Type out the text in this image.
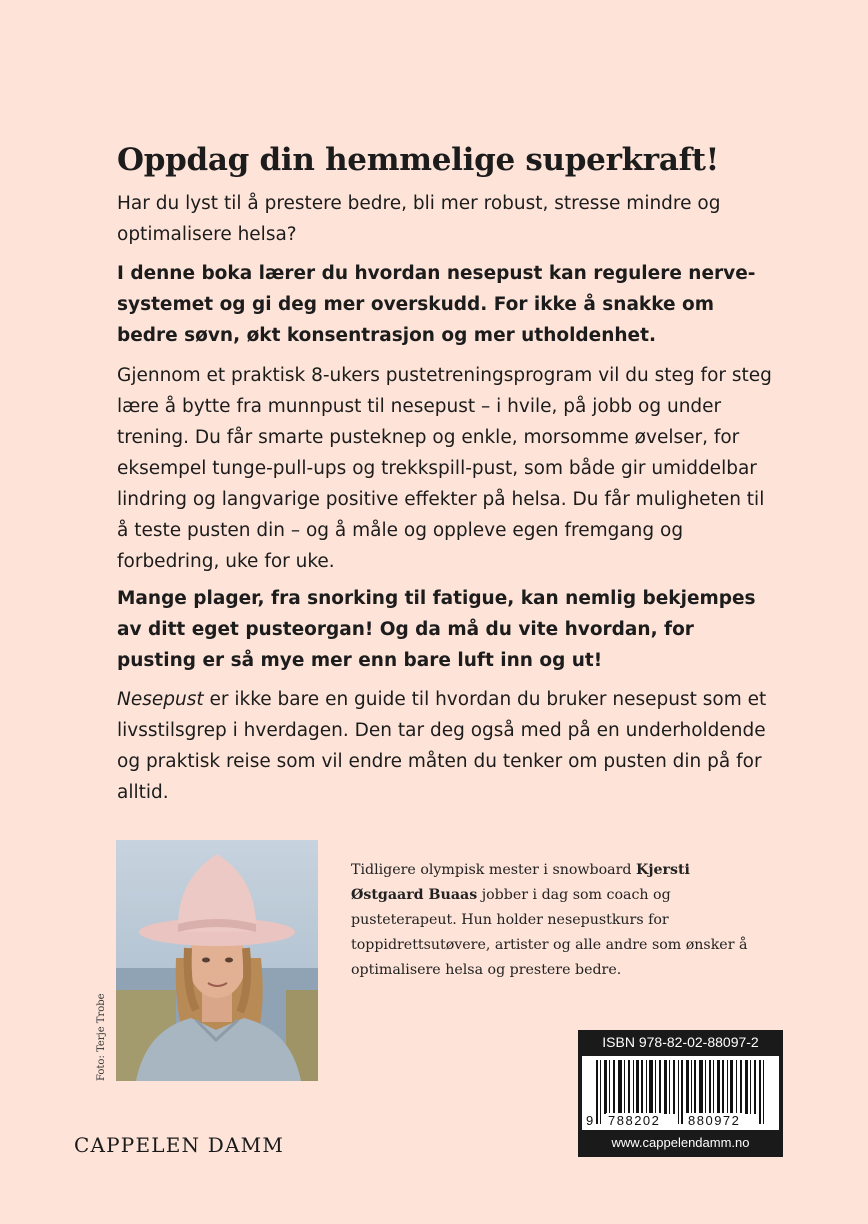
Oppdag din hemmelige superkraft!

Har du lyst til å prestere bedre, bli mer robust, stresse mindre og optimalisere helsa?

I denne boka lærer du hvordan nesepust kan regulere nervesystemet og gi deg mer overskudd. For ikke å snakke om bedre søvn, økt konsentrasjon og mer utholdenhet.

Gjennom et praktisk 8-ukers pustetreningsprogram vil du steg for steg lære å bytte fra munnpust til nesepust – i hvile, på jobb og under trening. Du får smarte pusteknep og enkle, morsomme øvelser, for eksempel tunge-pull-ups og trekkspill-pust, som både gir umiddelbar lindring og langvarige positive effekter på helsa. Du får muligheten til å teste pusten din – og å måle og oppleve egen fremgang og forbedring, uke for uke.

Mange plager, fra snorking til fatigue, kan nemlig bekjempes av ditt eget pusteorgan! Og da må du vite hvordan, for pusting er så mye mer enn bare luft inn og ut!

Nesepust er ikke bare en guide til hvordan du bruker nesepust som et livsstilsgrep i hverdagen. Den tar deg også med på en underholdende og praktisk reise som vil endre måten du tenker om pusten din på for alltid.

Foto: Terje Trobe

Tidligere olympisk mester i snowboard Kjersti Østgaard Buaas jobber i dag som coach og pusteterapeut. Hun holder nesepustkurs for toppidrettsutøvere, artister og alle andre som ønsker å optimalisere helsa og prestere bedre.

CAPPELEN DAMM
ISBN 978-82-02-88097-2
9 788202 880972
www.cappelendamm.no
